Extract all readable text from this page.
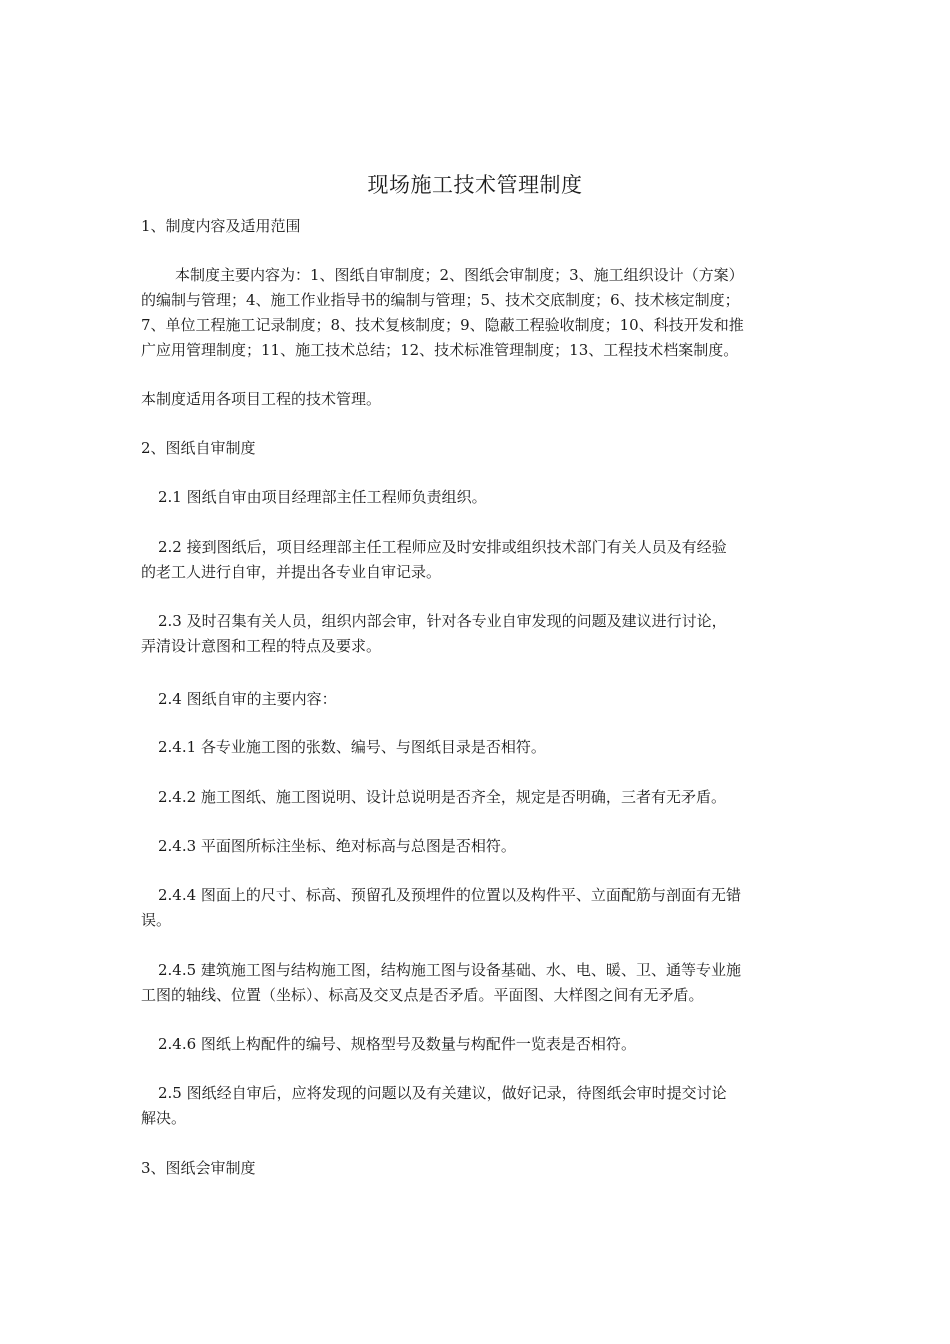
现场施工技术管理制度
1、制度内容及适用范围
本制度主要内容为：1、图纸自审制度；2、图纸会审制度；3、施工组织设计（方案）
的编制与管理；4、施工作业指导书的编制与管理；5、技术交底制度；6、技术核定制度；
7、单位工程施工记录制度；8、技术复核制度；9、隐蔽工程验收制度；10、科技开发和推
广应用管理制度；11、施工技术总结；12、技术标准管理制度；13、工程技术档案制度。
本制度适用各项目工程的技术管理。
2、图纸自审制度
2.1 图纸自审由项目经理部主任工程师负责组织。
2.2 接到图纸后，项目经理部主任工程师应及时安排或组织技术部门有关人员及有经验
的老工人进行自审，并提出各专业自审记录。
2.3 及时召集有关人员，组织内部会审，针对各专业自审发现的问题及建议进行讨论，
弄清设计意图和工程的特点及要求。
2.4 图纸自审的主要内容：
2.4.1 各专业施工图的张数、编号、与图纸目录是否相符。
2.4.2 施工图纸、施工图说明、设计总说明是否齐全，规定是否明确，三者有无矛盾。
2.4.3 平面图所标注坐标、绝对标高与总图是否相符。
2.4.4 图面上的尺寸、标高、预留孔及预埋件的位置以及构件平、立面配筋与剖面有无错
误。
2.4.5 建筑施工图与结构施工图，结构施工图与设备基础、水、电、暖、卫、通等专业施
工图的轴线、位置（坐标）、标高及交叉点是否矛盾。平面图、大样图之间有无矛盾。
2.4.6 图纸上构配件的编号、规格型号及数量与构配件一览表是否相符。
2.5 图纸经自审后，应将发现的问题以及有关建议，做好记录，待图纸会审时提交讨论
解决。
3、图纸会审制度
